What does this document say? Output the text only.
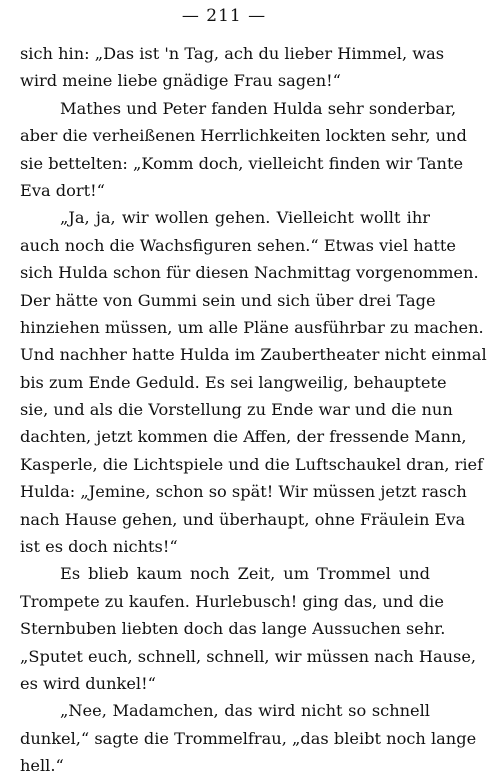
— 211 —
sich hin: „Das ist 'n Tag, ach du lieber Himmel, was
wird meine liebe gnädige Frau sagen!“
Mathes und Peter fanden Hulda sehr sonderbar,
aber die verheißenen Herrlichkeiten lockten sehr, und
sie bettelten: „Komm doch, vielleicht finden wir Tante
Eva dort!“
„Ja, ja, wir wollen gehen. Vielleicht wollt ihr
auch noch die Wachsfiguren sehen.“ Etwas viel hatte
sich Hulda schon für diesen Nachmittag vorgenommen.
Der hätte von Gummi sein und sich über drei Tage
hinziehen müssen, um alle Pläne ausführbar zu machen.
Und nachher hatte Hulda im Zaubertheater nicht einmal
bis zum Ende Geduld. Es sei langweilig, behauptete
sie, und als die Vorstellung zu Ende war und die nun
dachten, jetzt kommen die Affen, der fressende Mann,
Kasperle, die Lichtspiele und die Luftschaukel dran, rief
Hulda: „Jemine, schon so spät! Wir müssen jetzt rasch
nach Hause gehen, und überhaupt, ohne Fräulein Eva
ist es doch nichts!“
Es blieb kaum noch Zeit, um Trommel und
Trompete zu kaufen. Hurlebusch! ging das, und die
Sternbuben liebten doch das lange Aussuchen sehr.
„Sputet euch, schnell, schnell, wir müssen nach Hause,
es wird dunkel!“
„Nee, Madamchen, das wird nicht so schnell
dunkel,“ sagte die Trommelfrau, „das bleibt noch lange
hell.“
